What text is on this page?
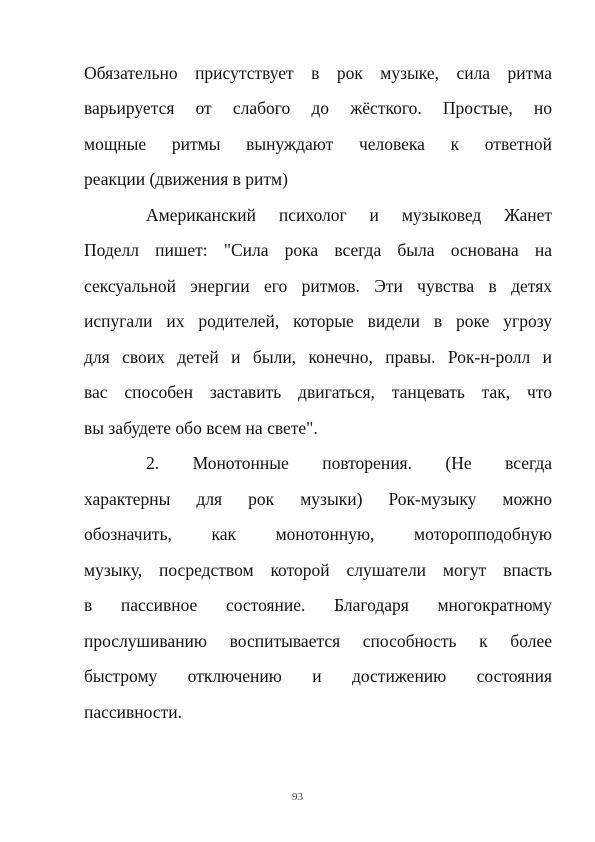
Обязательно присутствует в рок музыке, сила ритма
варьируется от слабого до жёсткого. Простые, но
мощные ритмы вынуждают человека к ответной
реакции (движения в ритм)
Американский психолог и музыковед Жанет
Поделл пишет: "Сила рока всегда была основана на
сексуальной энергии его ритмов. Эти чувства в детях
испугали их родителей, которые видели в роке угрозу
для своих детей и были, конечно, правы. Рок-н-ролл и
вас способен заставить двигаться, танцевать так, что
вы забудете обо всем на свете".
2. Монотонные повторения. (Не всегда
характерны для рок музыки) Рок-музыку можно
обозначить, как монотонную, моторопподобную
музыку, посредством которой слушатели могут впасть
в пассивное состояние. Благодаря многократному
прослушиванию воспитывается способность к более
быстрому отключению и достижению состояния
пассивности.
93
